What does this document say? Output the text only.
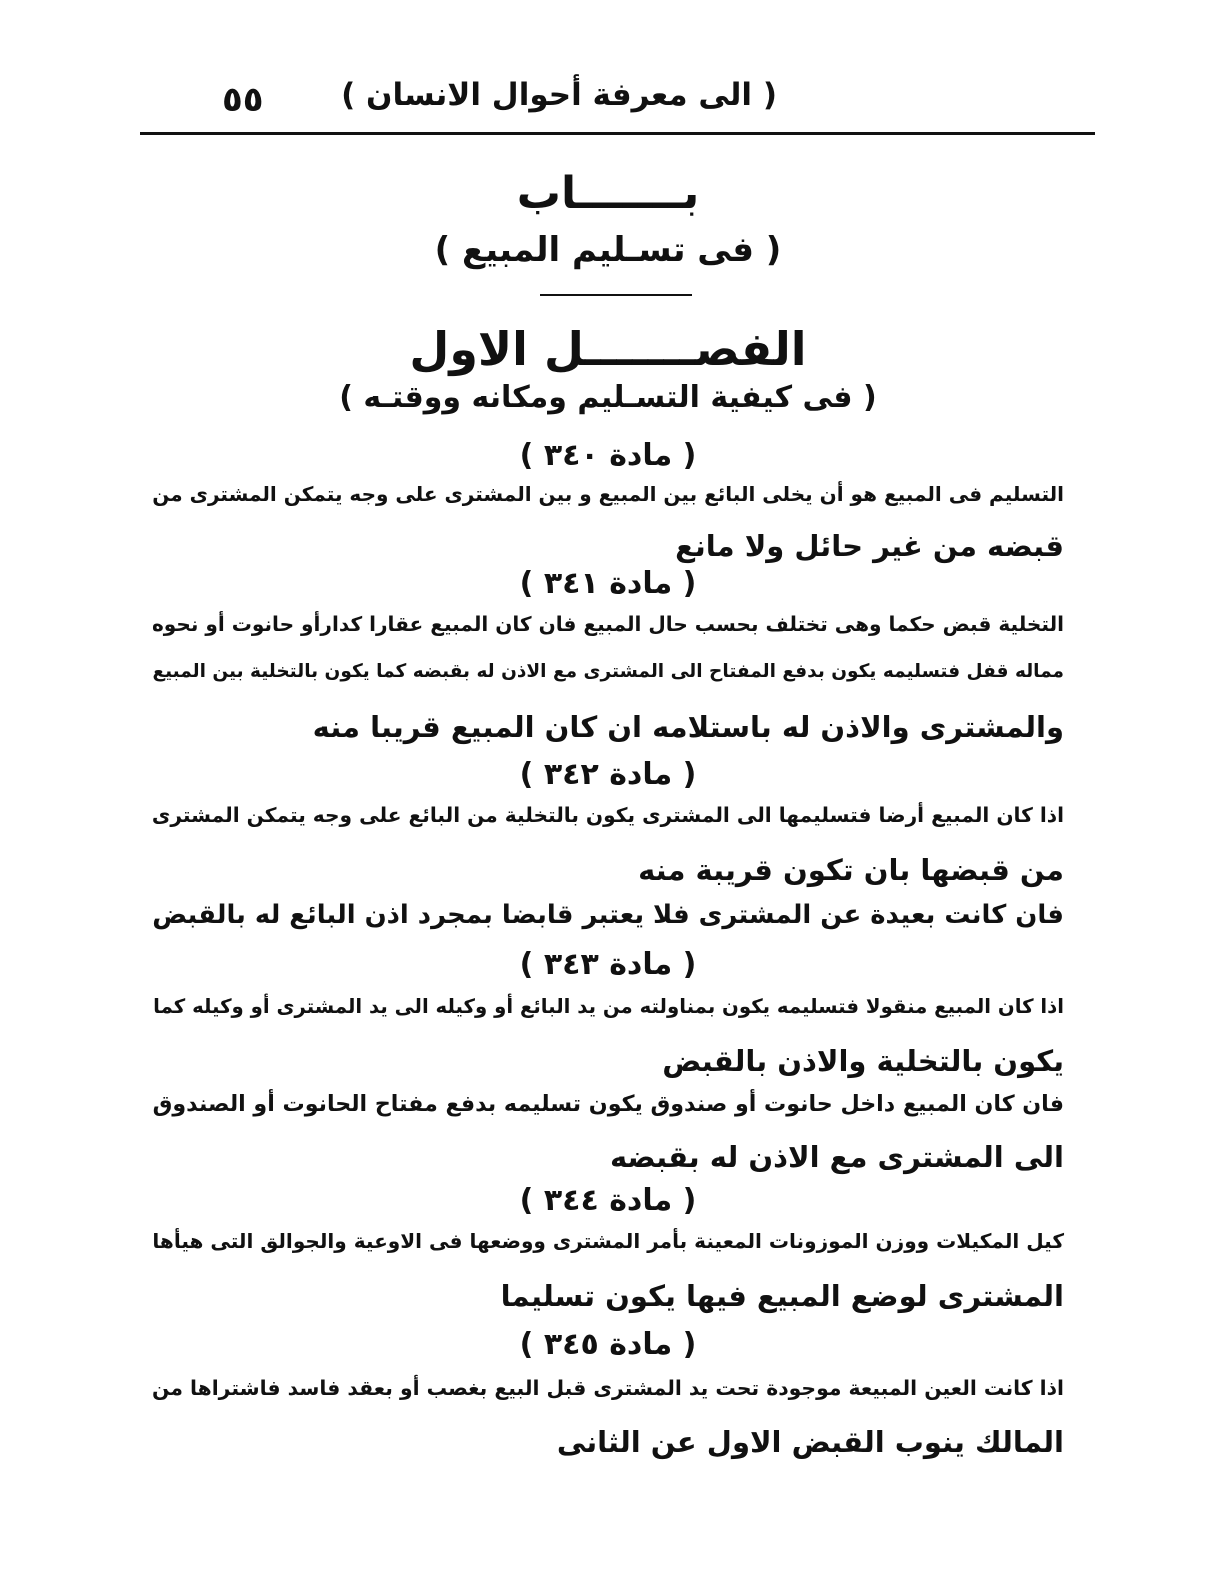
٥٥	( الى معرفة أحوال الانسان )
بـــــــاب
( فى تسـليم المبيع )
الفصـــــــل الاول
( فى كيفية التسـليم ومكانه ووقتـه )
( مادة ٣٤٠ )
التسليم فى المبيع هو أن يخلى البائع بين المبيع و بين المشترى على وجه يتمكن المشترى من
قبضه من غير حائل ولا مانع
( مادة ٣٤١ )
التخلية قبض حكما وهى تختلف بحسب حال المبيع فان كان المبيع عقارا كدارأو حانوت أو نحوه
مماله قفل فتسليمه يكون بدفع المفتاح الى المشترى مع الاذن له بقبضه كما يكون بالتخلية بين المبيع
والمشترى والاذن له باستلامه ان كان المبيع قريبا منه
( مادة ٣٤٢ )
اذا كان المبيع أرضا فتسليمها الى المشترى يكون بالتخلية من البائع على وجه يتمكن المشترى
من قبضها بان تكون قريبة منه
فان كانت بعيدة عن المشترى فلا يعتبر قابضا بمجرد اذن البائع له بالقبض
( مادة ٣٤٣ )
اذا كان المبيع منقولا فتسليمه يكون بمناولته من يد البائع أو وكيله الى يد المشترى أو وكيله كما
يكون بالتخلية والاذن بالقبض
فان كان المبيع داخل حانوت أو صندوق يكون تسليمه بدفع مفتاح الحانوت أو الصندوق
الى المشترى مع الاذن له بقبضه
( مادة ٣٤٤ )
كيل المكيلات ووزن الموزونات المعينة بأمر المشترى ووضعها فى الاوعية والجوالق التى هيأها
المشترى لوضع المبيع فيها يكون تسليما
( مادة ٣٤٥ )
اذا كانت العين المبيعة موجودة تحت يد المشترى قبل البيع بغصب أو بعقد فاسد فاشتراها من
المالك ينوب القبض الاول عن الثانى
